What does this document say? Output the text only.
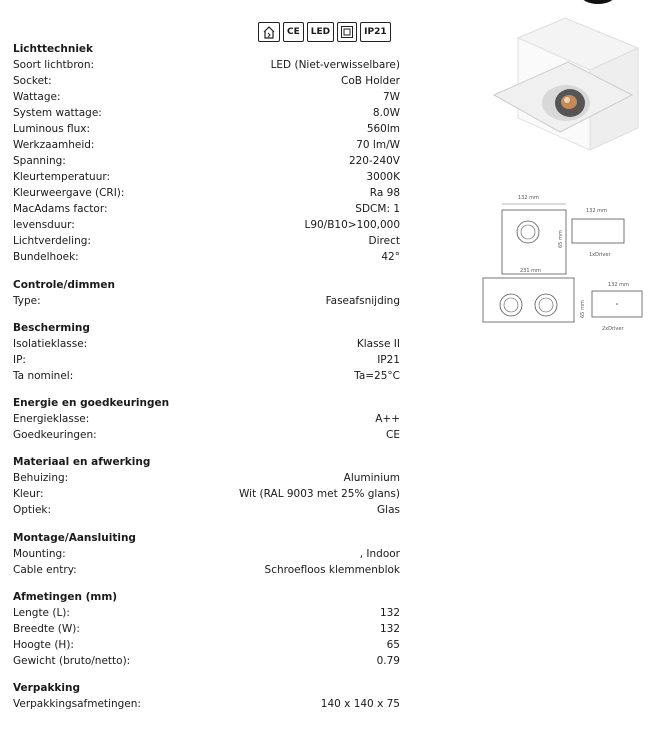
CE	LED	IP21
Lichttechniek
Soort lichtbron:	LED (Niet-verwisselbare)
Socket:	CoB Holder
Wattage:	7W
System wattage:	8.0W
Luminous flux:	560lm
Werkzaamheid:	70 lm/W
Spanning:	220-240V
Kleurtemperatuur:	3000K
Kleurweergave (CRI):	Ra 98
MacAdams factor:	SDCM: 1
levensduur:	L90/B10>100,000
Lichtverdeling:	Direct
Bundelhoek:	42°
Controle/dimmen
Type:	Faseafsnijding
Bescherming
Isolatieklasse:	Klasse II
IP:	IP21
Ta nominel:	Ta=25°C
Energie en goedkeuringen
Energieklasse:	A++
Goedkeuringen:	CE
Materiaal en afwerking
Behuizing:	Aluminium
Kleur:	Wit (RAL 9003 met 25% glans)
Optiek:	Glas
Montage/Aansluiting
Mounting:	, Indoor
Cable entry:	Schroefloos klemmenblok
Afmetingen (mm)
Lengte (L):	132
Breedte (W):	132
Hoogte (H):	65
Gewicht (bruto/netto):	0.79
Verpakking
Verpakkingsafmetingen:	140 x 140 x 75
132 mm
65 mm
132 mm
1xDriver
231 mm
65 mm
132 mm
2xDriver
